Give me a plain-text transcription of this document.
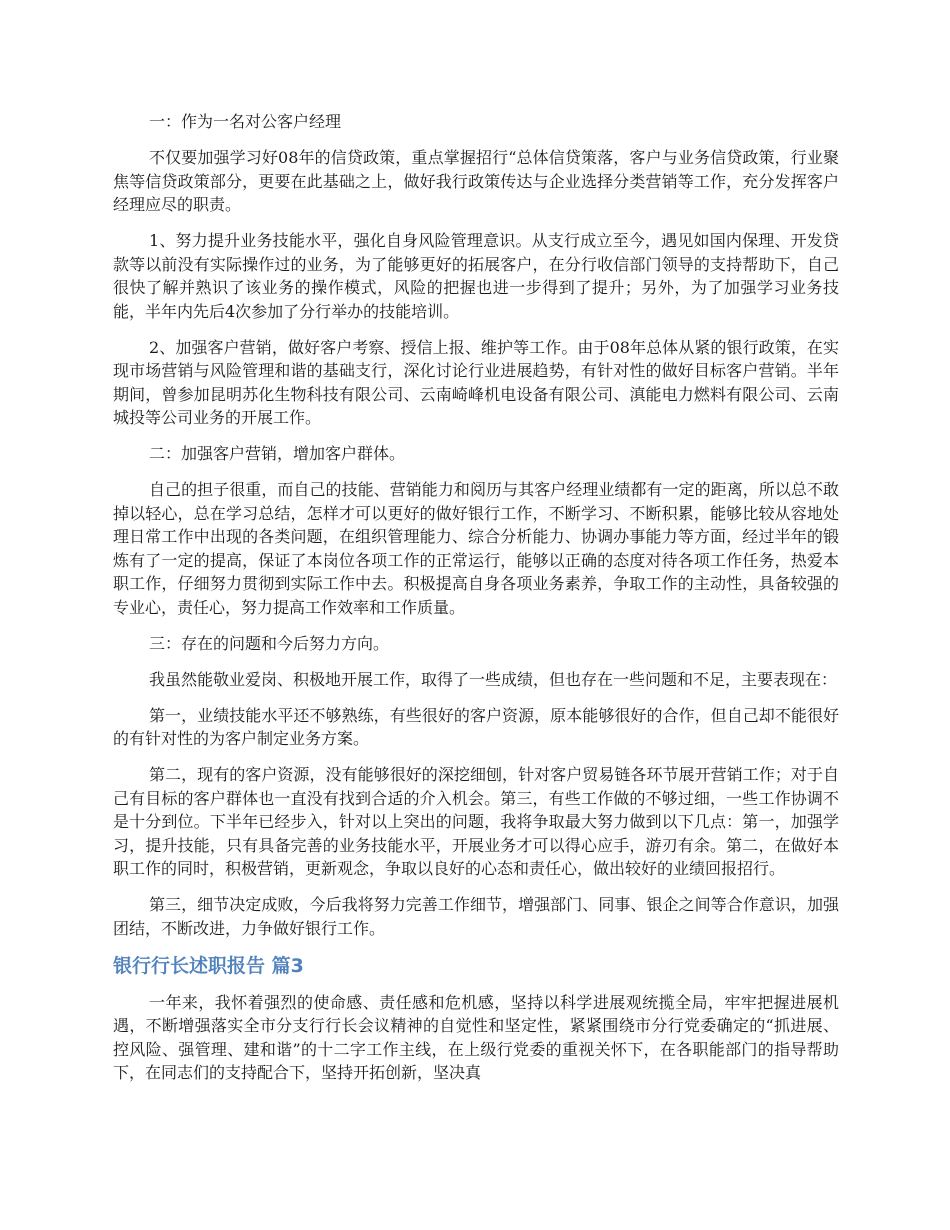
一：作为一名对公客户经理

不仅要加强学习好08年的信贷政策，重点掌握招行“总体信贷策落，客户与业务信贷政策，行业聚焦等信贷政策部分，更要在此基础之上，做好我行政策传达与企业选择分类营销等工作，充分发挥客户经理应尽的职责。

1、努力提升业务技能水平，强化自身风险管理意识。从支行成立至今，遇见如国内保理、开发贷款等以前没有实际操作过的业务，为了能够更好的拓展客户，在分行收信部门领导的支持帮助下，自己很快了解并熟识了该业务的操作模式，风险的把握也进一步得到了提升；另外，为了加强学习业务技能，半年内先后4次参加了分行举办的技能培训。

2、加强客户营销，做好客户考察、授信上报、维护等工作。由于08年总体从紧的银行政策，在实现市场营销与风险管理和谐的基础支行，深化讨论行业进展趋势，有针对性的做好目标客户营销。半年期间，曾参加昆明苏化生物科技有限公司、云南崎峰机电设备有限公司、滇能电力燃料有限公司、云南城投等公司业务的开展工作。

二：加强客户营销，增加客户群体。

自己的担子很重，而自己的技能、营销能力和阅历与其客户经理业绩都有一定的距离，所以总不敢掉以轻心，总在学习总结，怎样才可以更好的做好银行工作，不断学习、不断积累，能够比较从容地处理日常工作中出现的各类问题，在组织管理能力、综合分析能力、协调办事能力等方面，经过半年的锻炼有了一定的提高，保证了本岗位各项工作的正常运行，能够以正确的态度对待各项工作任务，热爱本职工作，仔细努力贯彻到实际工作中去。积极提高自身各项业务素养，争取工作的主动性，具备较强的专业心，责任心，努力提高工作效率和工作质量。

三：存在的问题和今后努力方向。

我虽然能敬业爱岗、积极地开展工作，取得了一些成绩，但也存在一些问题和不足，主要表现在：

第一，业绩技能水平还不够熟练，有些很好的客户资源，原本能够很好的合作，但自己却不能很好的有针对性的为客户制定业务方案。

第二，现有的客户资源，没有能够很好的深挖细刨，针对客户贸易链各环节展开营销工作；对于自己有目标的客户群体也一直没有找到合适的介入机会。第三，有些工作做的不够过细，一些工作协调不是十分到位。下半年已经步入，针对以上突出的问题，我将争取最大努力做到以下几点：第一，加强学习，提升技能，只有具备完善的业务技能水平，开展业务才可以得心应手，游刃有余。第二，在做好本职工作的同时，积极营销，更新观念，争取以良好的心态和责任心，做出较好的业绩回报招行。

第三，细节决定成败，今后我将努力完善工作细节，增强部门、同事、银企之间等合作意识，加强团结，不断改进，力争做好银行工作。

银行行长述职报告 篇3

一年来，我怀着强烈的使命感、责任感和危机感，坚持以科学进展观统揽全局，牢牢把握进展机遇，不断增强落实全市分支行行长会议精神的自觉性和坚定性，紧紧围绕市分行党委确定的“抓进展、控风险、强管理、建和谐”的十二字工作主线，在上级行党委的重视关怀下，在各职能部门的指导帮助下，在同志们的支持配合下，坚持开拓创新，坚决真
